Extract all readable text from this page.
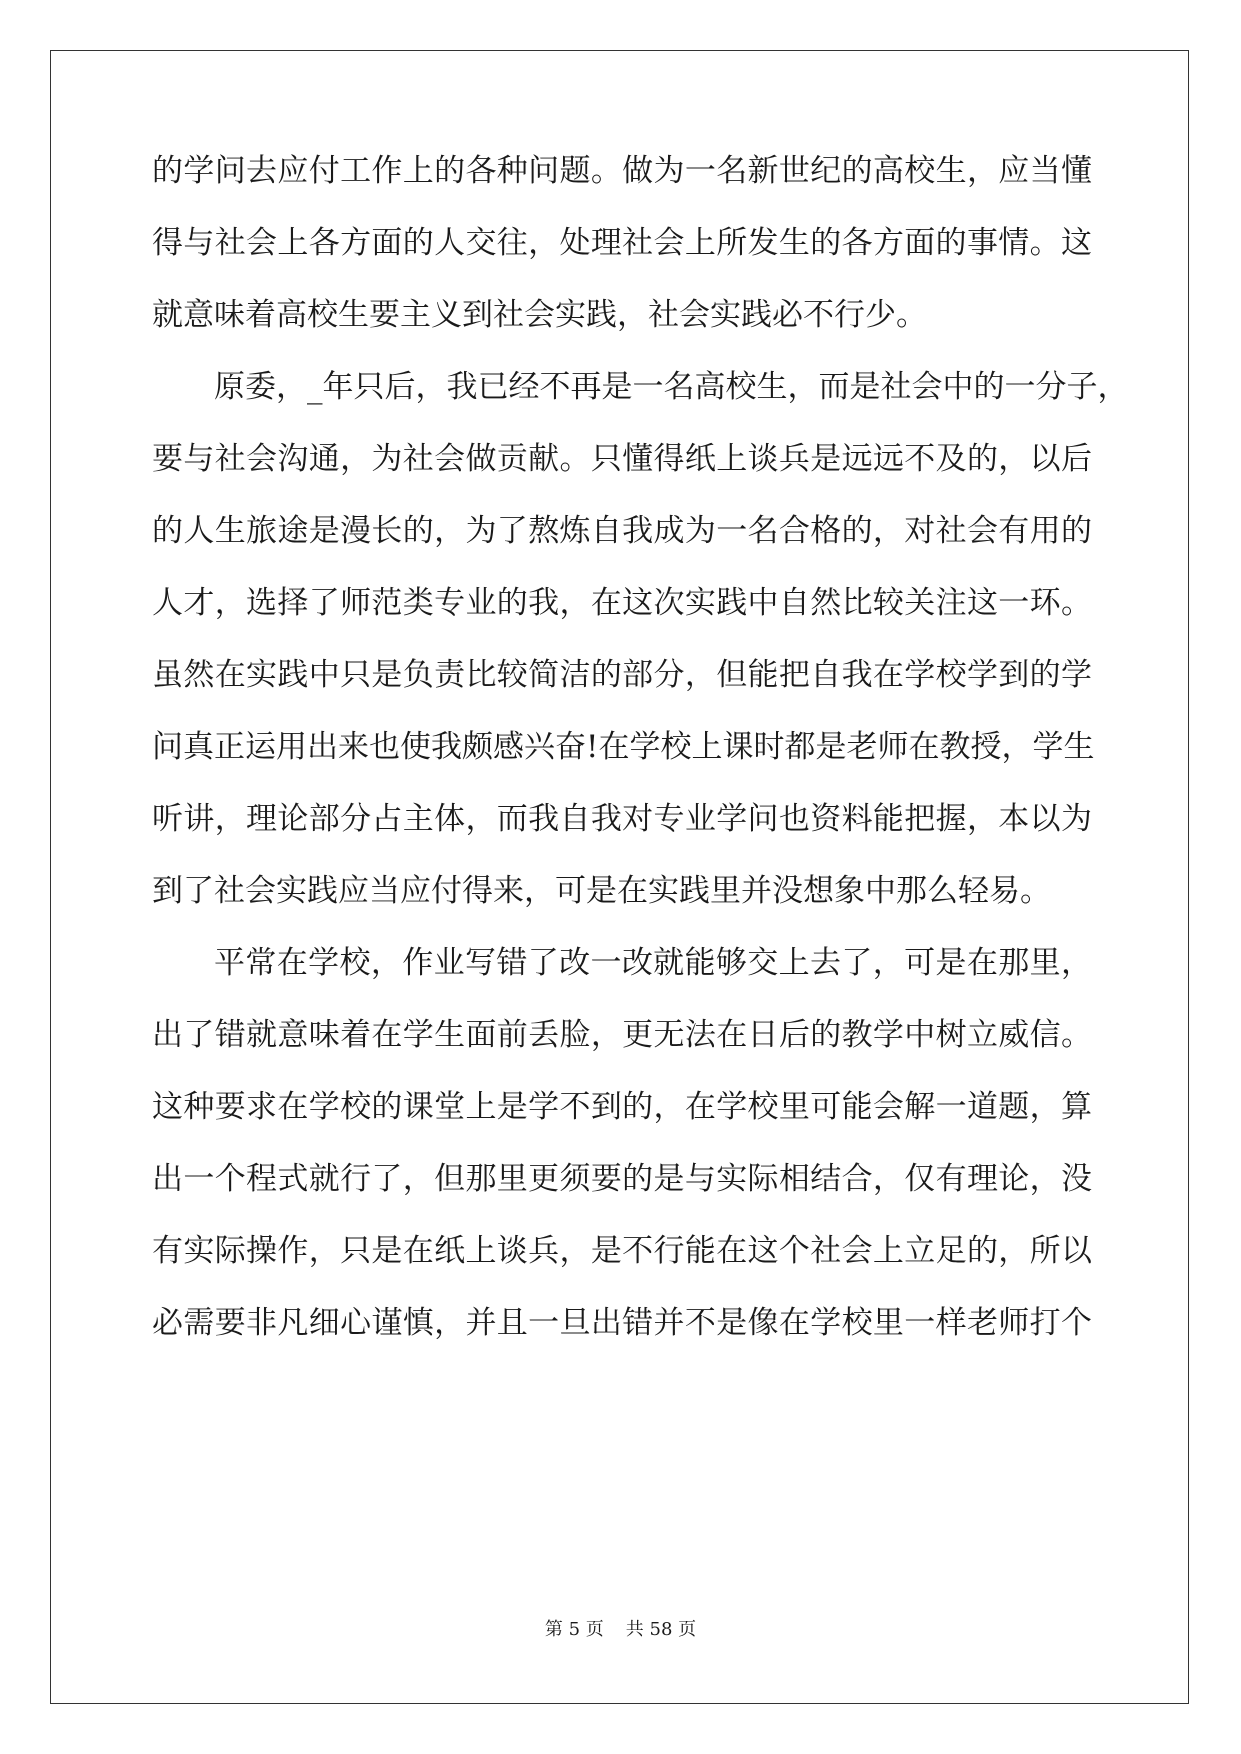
的学问去应付工作上的各种问题。做为一名新世纪的高校生，应当懂
得与社会上各方面的人交往，处理社会上所发生的各方面的事情。这
就意味着高校生要主义到社会实践，社会实践必不行少。
原委，_年只后，我已经不再是一名高校生，而是社会中的一分子，
要与社会沟通，为社会做贡献。只懂得纸上谈兵是远远不及的，以后
的人生旅途是漫长的，为了熬炼自我成为一名合格的，对社会有用的
人才，选择了师范类专业的我，在这次实践中自然比较关注这一环。
虽然在实践中只是负责比较简洁的部分，但能把自我在学校学到的学
问真正运用出来也使我颇感兴奋!在学校上课时都是老师在教授，学生
听讲，理论部分占主体，而我自我对专业学问也资料能把握，本以为
到了社会实践应当应付得来，可是在实践里并没想象中那么轻易。
平常在学校，作业写错了改一改就能够交上去了，可是在那里，
出了错就意味着在学生面前丢脸，更无法在日后的教学中树立威信。
这种要求在学校的课堂上是学不到的，在学校里可能会解一道题，算
出一个程式就行了，但那里更须要的是与实际相结合，仅有理论，没
有实际操作，只是在纸上谈兵，是不行能在这个社会上立足的，所以
必需要非凡细心谨慎，并且一旦出错并不是像在学校里一样老师打个
第 5 页 共 58 页
